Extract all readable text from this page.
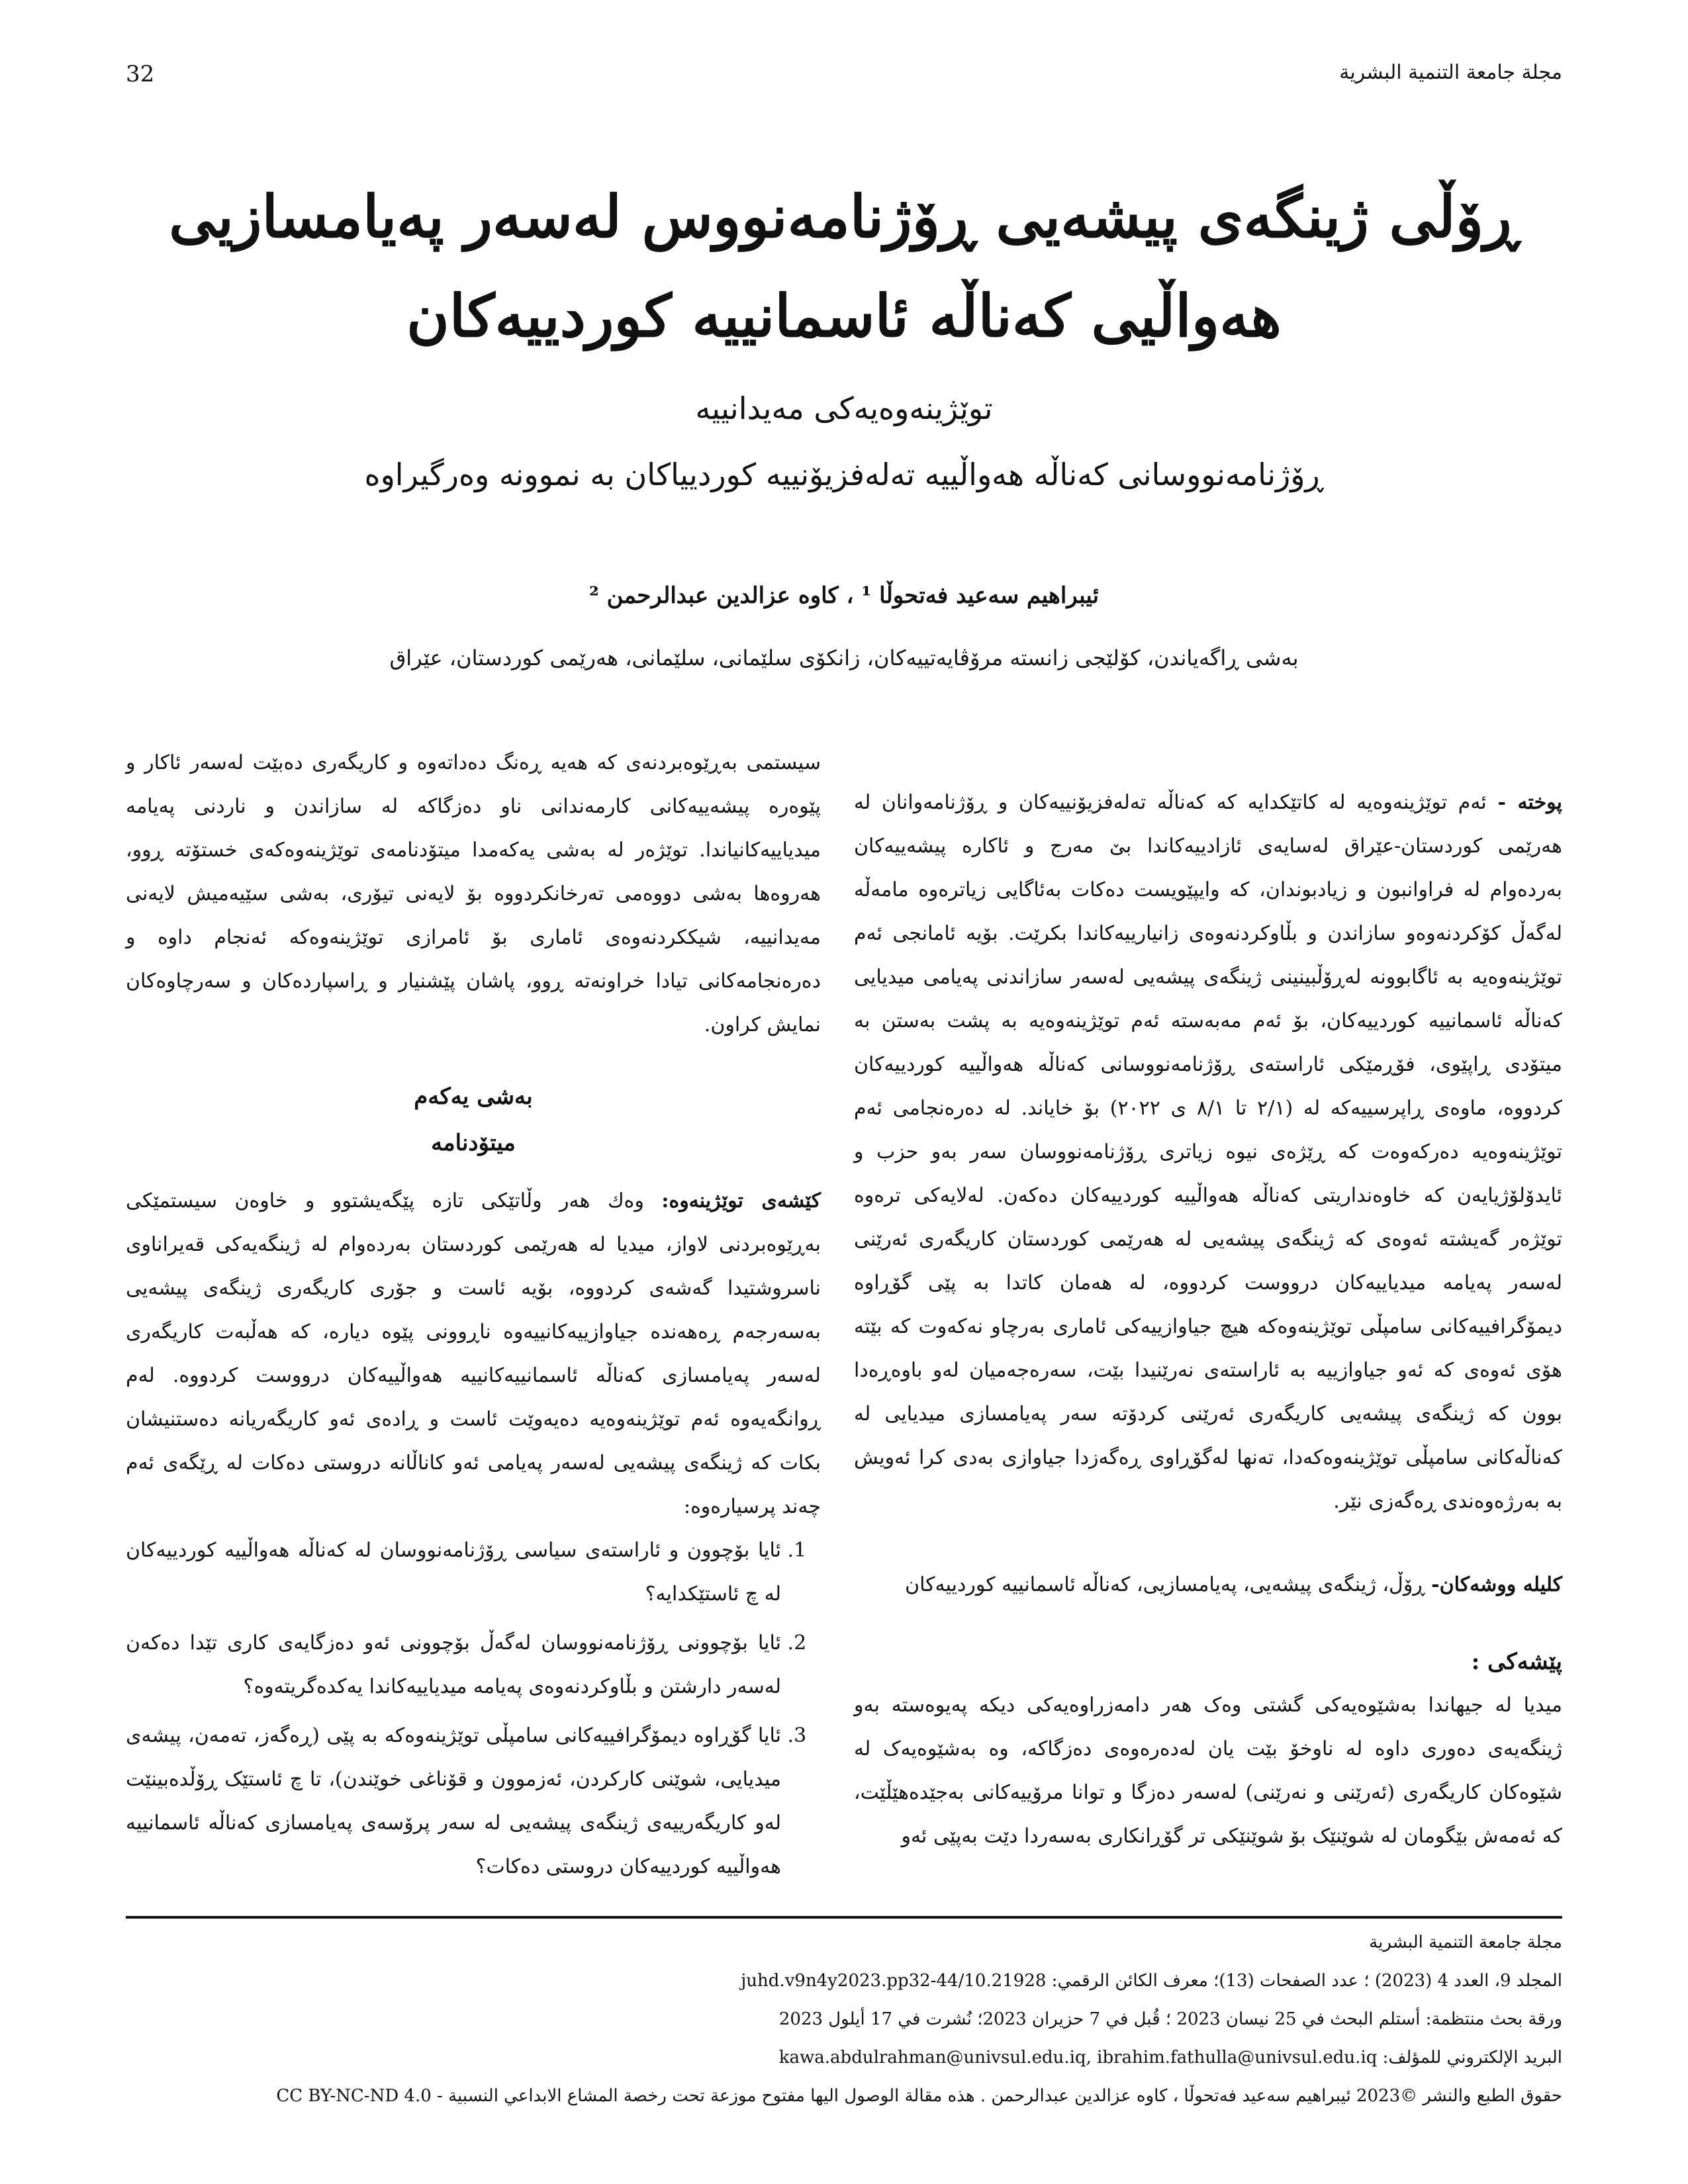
32	مجلة جامعة التنمية البشرية
ڕۆڵی ژینگەی پیشەیی ڕۆژنامەنووس لەسەر پەیامسازیی
هەواڵیی کەناڵە ئاسمانییە کوردییەکان
توێژینەوەیەکی مەیدانییە
ڕۆژنامەنووسانی کەناڵە هەواڵییە تەلەفزیۆنییە کوردییاکان بە نموونە وەرگیراوە
ئیبراهیم سەعید فەتحوڵا ¹ ، کاوە عزالدین عبدالرحمن ²
بەشی ڕاگەیاندن، کۆلێجی زانستە مرۆڤایەتییەکان، زانکۆی سلێمانی، سلێمانی، هەرێمی کوردستان، عێراق

پوختە - ئەم توێژینەوەیە لە کاتێکدایە کە کەناڵە تەلەفزیۆنییەکان و ڕۆژنامەوانان لە هەرێمی کوردستان-عێراق لەسایەی ئازادییەکاندا بێ مەرج و ئاکارە پیشەییەکان بەردەوام لە فراوانبون و زیادبوندان، کە وایپێویست دەکات بەئاگایی زیاترەوە مامەڵە لەگەڵ کۆکردنەوەو سازاندن و بڵاوکردنەوەی زانیارییەکاندا بکرێت. بۆیە ئامانجی ئەم توێژینەوەیە بە ئاگابوونە لەڕۆڵبینینی ژینگەی پیشەیی لەسەر سازاندنی پەیامی میدیایی کەناڵە ئاسمانییە کوردییەکان، بۆ ئەم مەبەستە ئەم توێژینەوەیە بە پشت بەستن بە میتۆدی ڕاپێوی، فۆڕمێکی ئاراستەی ڕۆژنامەنووسانی کەناڵە هەواڵییە کوردییەکان کردووە، ماوەی ڕاپرسییەکە لە (٢/١ تا ٨/١ ی ٢٠٢٢) بۆ خایاند. لە دەرەنجامی ئەم توێژینەوەیە دەرکەوەت کە ڕێژەی نیوە زیاتری ڕۆژنامەنووسان سەر بەو حزب و ئایدۆلۆژیایەن کە خاوەنداریتی کەناڵە هەواڵییە کوردییەکان دەکەن. لەلایەکی ترەوە توێژەر گەیشتە ئەوەی کە ژینگەی پیشەیی لە هەرێمی کوردستان کاریگەری ئەرێنی لەسەر پەیامە میدیاییەکان درووست کردووە، لە هەمان کاتدا بە پێی گۆڕاوە دیمۆگرافییەکانی سامپڵی توێژینەوەکە هیچ جیاوازییەکی ئاماری بەرچاو نەکەوت کە بێتە هۆی ئەوەی کە ئەو جیاوازییە بە ئاراستەی نەرێنیدا بێت، سەرەجەمیان لەو باوەڕەدا بوون کە ژینگەی پیشەیی کاریگەری ئەرێنی کردۆتە سەر پەیامسازی میدیایی لە کەناڵەکانی سامپڵی توێژینەوەکەدا، تەنها لەگۆڕاوی ڕەگەزدا جیاوازی بەدی کرا ئەویش بە بەرژەوەندی ڕەگەزی نێر.

کلیلە ووشەکان- ڕۆڵ، ژینگەی پیشەیی، پەیامسازیی، کەناڵە ئاسمانییە کوردییەکان

پێشەکی :

میدیا لە جیهاندا بەشێوەیەکی گشتی وەک هەر دامەزراوەیەکی دیکە پەیوەستە بەو ژینگەیەی دەوری داوە لە ناوخۆ بێت یان لەدەرەوەی دەزگاکە، وە بەشێوەیەک لە شێوەکان کاریگەری (ئەرێنی و نەرێنی) لەسەر دەزگا و توانا مرۆییەکانی بەجێدەهێڵێت، کە ئەمەش بێگومان لە شوێنێک بۆ شوێنێکی تر گۆڕانکاری بەسەردا دێت بەپێی ئەو

سیستمی بەڕێوەبردنەی کە هەیە ڕەنگ دەداتەوە و کاریگەری دەبێت لەسەر ئاکار و پێوەرە پیشەییەکانی کارمەندانی ناو دەزگاکە لە سازاندن و ناردنی پەیامە میدیاییەکانیاندا. توێژەر لە بەشی یەکەمدا میتۆدنامەی توێژینەوەکەی خستۆتە ڕوو، هەروەها بەشی دووەمی تەرخانکردووە بۆ لایەنی تیۆری، بەشی سێیەمیش لایەنی مەیدانییە، شیککردنەوەی ئاماری بۆ ئامرازی توێژینەوەکە ئەنجام داوە و دەرەنجامەکانی تیادا خراونەتە ڕوو، پاشان پێشنیار و ڕاسپاردەکان و سەرچاوەکان نمایش کراون.

بەشی یەکەم
میتۆدنامە

کێشەی توێژینەوە: وەك هەر وڵاتێکی تازە پێگەیشتوو و خاوەن سیستمێکی بەڕێوەبردنی لاواز، میدیا لە هەرێمی کوردستان بەردەوام لە ژینگەیەکی قەیراناوی ناسروشتیدا گەشەی کردووە، بۆیە ئاست و جۆری کاریگەری ژینگەی پیشەیی بەسەرجەم ڕەهەندە جیاوازییەکانییەوە ناڕوونی پێوە دیارە، کە هەڵبەت کاریگەری لەسەر پەیامسازی کەناڵە ئاسمانییەکانییە هەواڵییەکان درووست کردووە. لەم ڕوانگەیەوە ئەم توێژینەوەیە دەیەوێت ئاست و ڕادەی ئەو کاریگەریانە دەستنیشان بکات کە ژینگەی پیشەیی لەسەر پەیامی ئەو کاناڵانە دروستی دەکات لە ڕێگەی ئەم چەند پرسیارەوە:

1. ئایا بۆچوون و ئاراستەی سیاسی ڕۆژنامەنووسان لە کەناڵە هەواڵییە کوردییەکان لە چ ئاستێکدایە؟
2. ئایا بۆچوونی ڕۆژنامەنووسان لەگەڵ بۆچوونی ئەو دەزگایەی کاری تێدا دەکەن لەسەر دارشتن و بڵاوکردنەوەی پەیامە میدیاییەکاندا یەکدەگریتەوە؟
3. ئایا گۆڕاوە دیمۆگرافییەکانی سامپڵی توێژینەوەکە بە پێی (ڕەگەز، تەمەن، پیشەی میدیایی، شوێنی کارکردن، ئەزموون و قۆناغی خوێندن)، تا چ ئاستێک ڕۆڵدەبینێت لەو کاریگەرییەی ژینگەی پیشەیی لە سەر پرۆسەی پەیامسازی کەناڵە ئاسمانییە هەواڵییە کوردییەکان دروستی دەکات؟
مجلة جامعة التنمية البشرية
المجلد 9، العدد 4 (2023) ؛ عدد الصفحات (13)؛ معرف الكائن الرقمي: 10.21928/juhd.v9n4y2023.pp32-44
ورقة بحث منتظمة: أستلم البحث في 25 نيسان 2023 ؛ قُبل في 7 حزيران 2023؛ نُشرت في 17 أيلول 2023
البريد الإلكتروني للمؤلف: kawa.abdulrahman@univsul.edu.iq, ibrahim.fathulla@univsul.edu.iq
حقوق الطبع والنشر ©2023 ئیبراهیم سەعید فەتحوڵا ، کاوە عزالدین عبدالرحمن . هذه مقالة الوصول اليها مفتوح موزعة تحت رخصة المشاع الابداعي النسبية - CC BY-NC-ND 4.0
